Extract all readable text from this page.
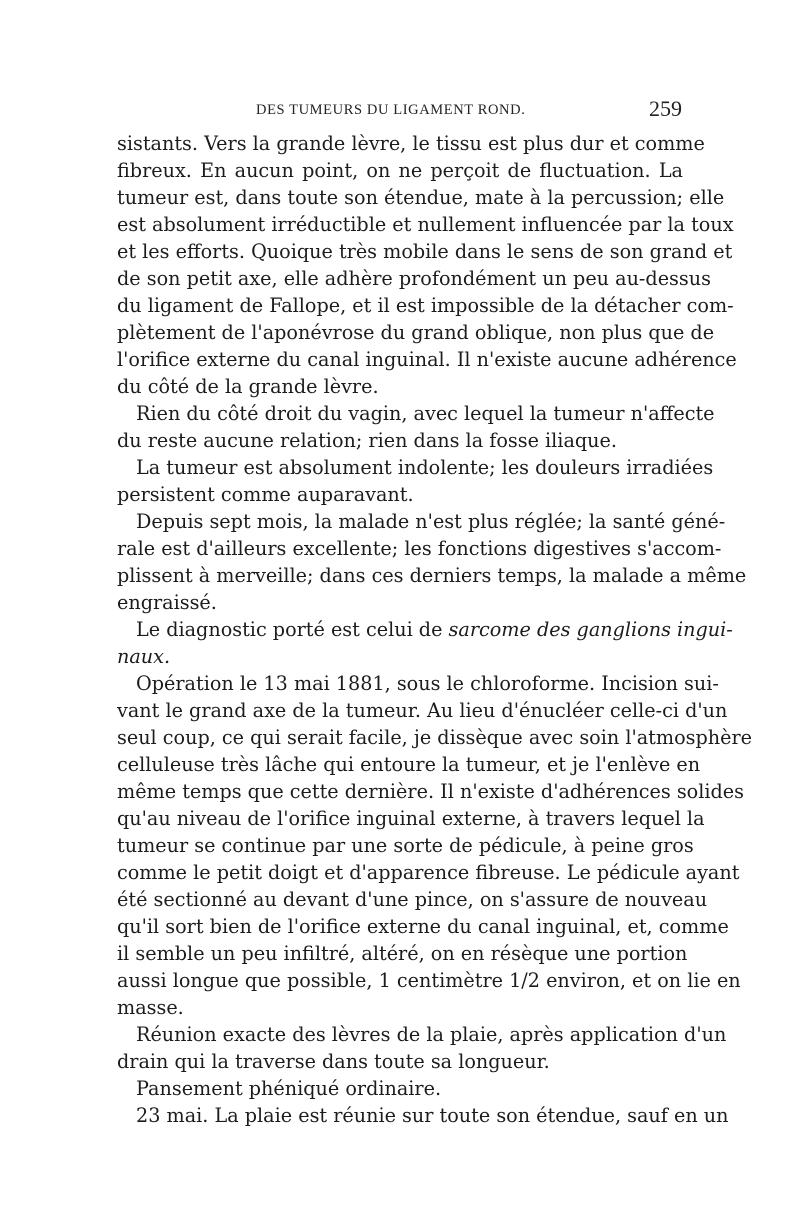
DES TUMEURS DU LIGAMENT ROND.	259
sistants. Vers la grande lèvre, le tissu est plus dur et comme
fibreux. En aucun point, on ne perçoit de fluctuation. La
tumeur est, dans toute son étendue, mate à la percussion; elle
est absolument irréductible et nullement influencée par la toux
et les efforts. Quoique très mobile dans le sens de son grand et
de son petit axe, elle adhère profondément un peu au-dessus
du ligament de Fallope, et il est impossible de la détacher com-
plètement de l'aponévrose du grand oblique, non plus que de
l'orifice externe du canal inguinal. Il n'existe aucune adhérence
du côté de la grande lèvre.
Rien du côté droit du vagin, avec lequel la tumeur n'affecte
du reste aucune relation; rien dans la fosse iliaque.
La tumeur est absolument indolente; les douleurs irradiées
persistent comme auparavant.
Depuis sept mois, la malade n'est plus réglée; la santé géné-
rale est d'ailleurs excellente; les fonctions digestives s'accom-
plissent à merveille; dans ces derniers temps, la malade a même
engraissé.
Le diagnostic porté est celui de sarcome des ganglions ingui-
naux.
Opération le 13 mai 1881, sous le chloroforme. Incision sui-
vant le grand axe de la tumeur. Au lieu d'énucléer celle-ci d'un
seul coup, ce qui serait facile, je dissèque avec soin l'atmosphère
celluleuse très lâche qui entoure la tumeur, et je l'enlève en
même temps que cette dernière. Il n'existe d'adhérences solides
qu'au niveau de l'orifice inguinal externe, à travers lequel la
tumeur se continue par une sorte de pédicule, à peine gros
comme le petit doigt et d'apparence fibreuse. Le pédicule ayant
été sectionné au devant d'une pince, on s'assure de nouveau
qu'il sort bien de l'orifice externe du canal inguinal, et, comme
il semble un peu infiltré, altéré, on en résèque une portion
aussi longue que possible, 1 centimètre 1/2 environ, et on lie en
masse.
Réunion exacte des lèvres de la plaie, après application d'un
drain qui la traverse dans toute sa longueur.
Pansement phéniqué ordinaire.
23 mai. La plaie est réunie sur toute son étendue, sauf en un
